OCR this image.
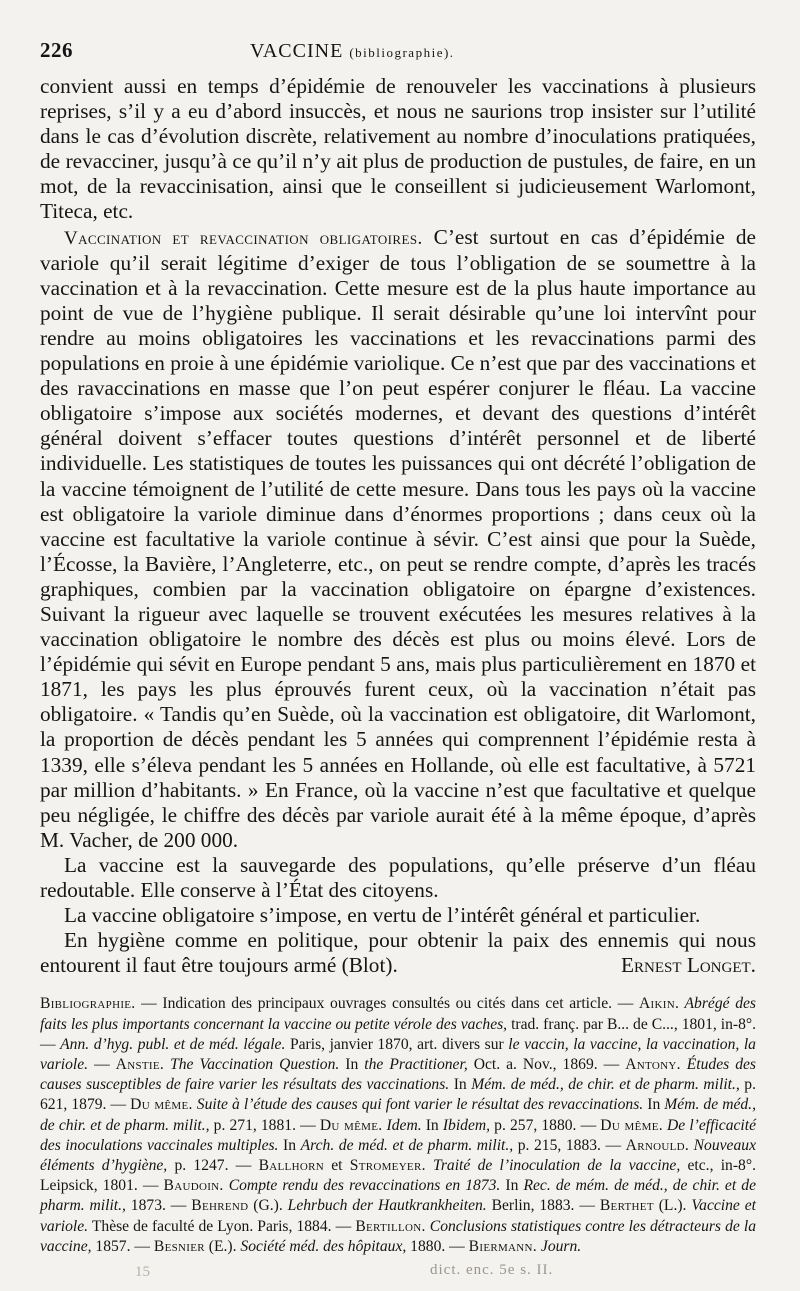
226	VACCINE (bibliographie).

convient aussi en temps d’épidémie de renouveler les vaccinations à plusieurs reprises, s’il y a eu d’abord insuccès, et nous ne saurions trop insister sur l’utilité dans le cas d’évolution discrète, relativement au nombre d’inoculations pratiquées, de revacciner, jusqu’à ce qu’il n’y ait plus de production de pustules, de faire, en un mot, de la revaccinisation, ainsi que le conseillent si judicieusement Warlomont, Titeca, etc.

Vaccination et revaccination obligatoires. C’est surtout en cas d’épidémie de variole qu’il serait légitime d’exiger de tous l’obligation de se soumettre à la vaccination et à la revaccination. Cette mesure est de la plus haute importance au point de vue de l’hygiène publique. Il serait désirable qu’une loi intervînt pour rendre au moins obligatoires les vaccinations et les revaccinations parmi des populations en proie à une épidémie variolique. Ce n’est que par des vaccinations et des ravaccinations en masse que l’on peut espérer conjurer le fléau. La vaccine obligatoire s’impose aux sociétés modernes, et devant des questions d’intérêt général doivent s’effacer toutes questions d’intérêt personnel et de liberté individuelle. Les statistiques de toutes les puissances qui ont décrété l’obligation de la vaccine témoignent de l’utilité de cette mesure. Dans tous les pays où la vaccine est obligatoire la variole diminue dans d’énormes proportions ; dans ceux où la vaccine est facultative la variole continue à sévir. C’est ainsi que pour la Suède, l’Écosse, la Bavière, l’Angleterre, etc., on peut se rendre compte, d’après les tracés graphiques, combien par la vaccination obligatoire on épargne d’existences. Suivant la rigueur avec laquelle se trouvent exécutées les mesures relatives à la vaccination obligatoire le nombre des décès est plus ou moins élevé. Lors de l’épidémie qui sévit en Europe pendant 5 ans, mais plus particulièrement en 1870 et 1871, les pays les plus éprouvés furent ceux, où la vaccination n’était pas obligatoire. « Tandis qu’en Suède, où la vaccination est obligatoire, dit Warlomont, la proportion de décès pendant les 5 années qui comprennent l’épidémie resta à 1339, elle s’éleva pendant les 5 années en Hollande, où elle est facultative, à 5721 par million d’habitants. » En France, où la vaccine n’est que facultative et quelque peu négligée, le chiffre des décès par variole aurait été à la même époque, d’après M. Vacher, de 200 000.

La vaccine est la sauvegarde des populations, qu’elle préserve d’un fléau redoutable. Elle conserve à l’État des citoyens.

La vaccine obligatoire s’impose, en vertu de l’intérêt général et particulier.

En hygiène comme en politique, pour obtenir la paix des ennemis qui nous entourent il faut être toujours armé (Blot).	Ernest Longet.

Bibliographie. — Indication des principaux ouvrages consultés ou cités dans cet article. — Aikin. Abrégé des faits les plus importants concernant la vaccine ou petite vérole des vaches, trad. franç. par B... de C..., 1801, in-8°. — Ann. d’hyg. publ. et de méd. légale. Paris, janvier 1870, art. divers sur le vaccin, la vaccine, la vaccination, la variole. — Anstie. The Vaccination Question. In the Practitioner, Oct. a. Nov., 1869. — Antony. Études des causes susceptibles de faire varier les résultats des vaccinations. In Mém. de méd., de chir. et de pharm. milit., p. 621, 1879. — Du même. Suite à l’étude des causes qui font varier le résultat des revaccinations. In Mém. de méd., de chir. et de pharm. milit., p. 271, 1881. — Du même. Idem. In Ibidem, p. 257, 1880. — Du même. De l’efficacité des inoculations vaccinales multiples. In Arch. de méd. et de pharm. milit., p. 215, 1883. — Arnould. Nouveaux éléments d’hygiène, p. 1247. — Ballhorn et Stromeyer. Traité de l’inoculation de la vaccine, etc., in-8°. Leipsick, 1801. — Baudoin. Compte rendu des revaccinations en 1873. In Rec. de mém. de méd., de chir. et de pharm. milit., 1873. — Behrend (G.). Lehrbuch der Hautkrankheiten. Berlin, 1883. — Berthet (L.). Vaccine et variole. Thèse de faculté de Lyon. Paris, 1884. — Bertillon. Conclusions statistiques contre les détracteurs de la vaccine, 1857. — Besnier (E.). Société méd. des hôpitaux, 1880. — Biermann. Journ.

15	dict. enc. 5e s. II.
